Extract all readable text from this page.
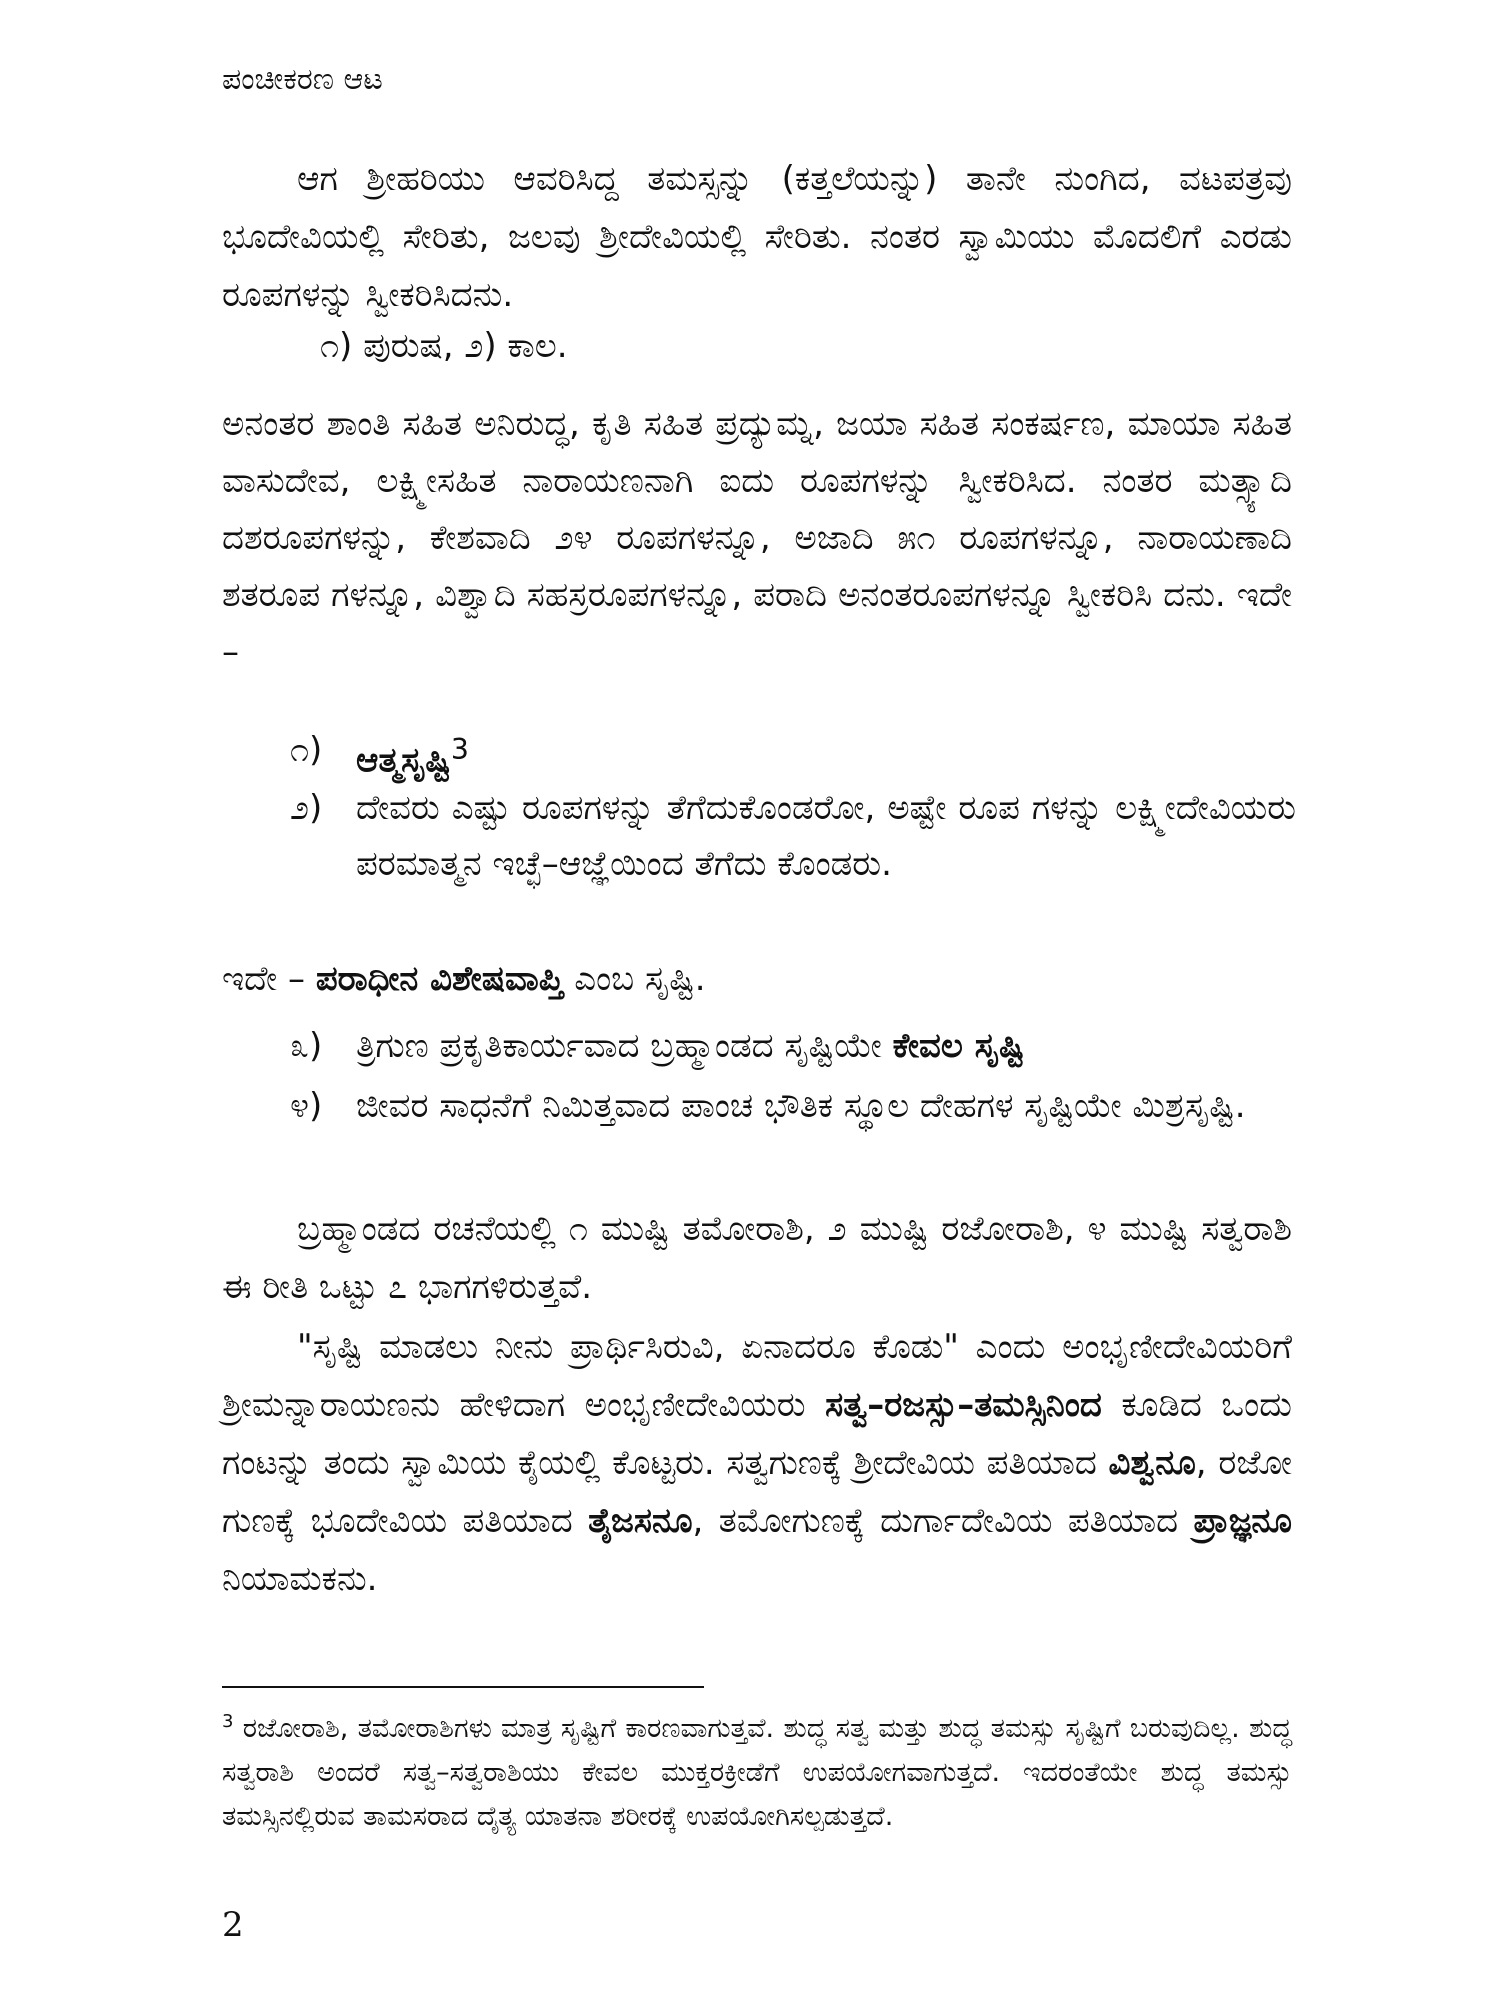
ಪಂಚೀಕರಣ ಆಟ
ಆಗ ಶ್ರೀಹರಿಯು ಆವರಿಸಿದ್ದ ತಮಸ್ಸನ್ನು (ಕತ್ತಲೆಯನ್ನು) ತಾನೇ ನುಂಗಿದ, ವಟಪತ್ರವು ಭೂದೇವಿಯಲ್ಲಿ ಸೇರಿತು, ಜಲವು ಶ್ರೀದೇವಿಯಲ್ಲಿ ಸೇರಿತು. ನಂತರ ಸ್ವಾಮಿಯು ಮೊದಲಿಗೆ ಎರಡು ರೂಪಗಳನ್ನು ಸ್ವೀಕರಿಸಿದನು.
೧) ಪುರುಷ, ೨) ಕಾಲ.
ಅನಂತರ ಶಾಂತಿ ಸಹಿತ ಅನಿರುದ್ಧ, ಕೃತಿ ಸಹಿತ ಪ್ರದ್ಯುಮ್ನ, ಜಯಾ ಸಹಿತ ಸಂಕರ್ಷಣ, ಮಾಯಾ ಸಹಿತ ವಾಸುದೇವ, ಲಕ್ಷ್ಮೀಸಹಿತ ನಾರಾಯಣನಾಗಿ ಐದು ರೂಪಗಳನ್ನು ಸ್ವೀಕರಿಸಿದ. ನಂತರ ಮತ್ಸ್ಯಾದಿ ದಶರೂಪಗಳನ್ನು, ಕೇಶವಾದಿ ೨೪ ರೂಪಗಳನ್ನೂ, ಅಜಾದಿ ೫೧ ರೂಪಗಳನ್ನೂ, ನಾರಾಯಣಾದಿ ಶತರೂಪ ಗಳನ್ನೂ, ವಿಶ್ವಾದಿ ಸಹಸ್ರರೂಪಗಳನ್ನೂ, ಪರಾದಿ ಅನಂತರೂಪಗಳನ್ನೂ ಸ್ವೀಕರಿಸಿ ದನು. ಇದೇ –
೧) ಆತ್ಮಸೃಷ್ಟಿ$^3$
೨) ದೇವರು ಎಷ್ಟು ರೂಪಗಳನ್ನು ತೆಗೆದುಕೊಂಡರೋ, ಅಷ್ಟೇ ರೂಪ ಗಳನ್ನು ಲಕ್ಷ್ಮೀದೇವಿಯರು ಪರಮಾತ್ಮನ ಇಚ್ಛೆ–ಆಜ್ಞೆಯಿಂದ ತೆಗೆದು ಕೊಂಡರು.
ಇದೇ – ಪರಾಧೀನ ವಿಶೇಷವಾಪ್ತಿ ಎಂಬ ಸೃಷ್ಟಿ.
೩) ತ್ರಿಗುಣ ಪ್ರಕೃತಿಕಾರ್ಯವಾದ ಬ್ರಹ್ಮಾಂಡದ ಸೃಷ್ಟಿಯೇ ಕೇವಲ ಸೃಷ್ಟಿ
೪) ಜೀವರ ಸಾಧನೆಗೆ ನಿಮಿತ್ತವಾದ ಪಾಂಚ ಭೌತಿಕ ಸ್ಥೂಲ ದೇಹಗಳ ಸೃಷ್ಟಿಯೇ ಮಿಶ್ರಸೃಷ್ಟಿ.
ಬ್ರಹ್ಮಾಂಡದ ರಚನೆಯಲ್ಲಿ ೧ ಮುಷ್ಟಿ ತಮೋರಾಶಿ, ೨ ಮುಷ್ಟಿ ರಜೋರಾಶಿ, ೪ ಮುಷ್ಟಿ ಸತ್ವರಾಶಿ ಈ ರೀತಿ ಒಟ್ಟು ೭ ಭಾಗಗಳಿರುತ್ತವೆ.
"ಸೃಷ್ಟಿ ಮಾಡಲು ನೀನು ಪ್ರಾರ್ಥಿಸಿರುವಿ, ಏನಾದರೂ ಕೊಡು" ಎಂದು ಅಂಭೃಣೀದೇವಿಯರಿಗೆ ಶ್ರೀಮನ್ನಾರಾಯಣನು ಹೇಳಿದಾಗ ಅಂಭೃಣೀದೇವಿಯರು ಸತ್ವ–ರಜಸ್ಸು–ತಮಸ್ಸಿನಿಂದ ಕೂಡಿದ ಒಂದು ಗಂಟನ್ನು ತಂದು ಸ್ವಾಮಿಯ ಕೈಯಲ್ಲಿ ಕೊಟ್ಟರು. ಸತ್ವಗುಣಕ್ಕೆ ಶ್ರೀದೇವಿಯ ಪತಿಯಾದ ವಿಶ್ವನೂ, ರಜೋ ಗುಣಕ್ಕೆ ಭೂದೇವಿಯ ಪತಿಯಾದ ತೈಜಸನೂ, ತಮೋಗುಣಕ್ಕೆ ದುರ್ಗಾದೇವಿಯ ಪತಿಯಾದ ಪ್ರಾಜ್ಞನೂ ನಿಯಾಮಕನು.
$^3$ ರಜೋರಾಶಿ, ತಮೋರಾಶಿಗಳು ಮಾತ್ರ ಸೃಷ್ಟಿಗೆ ಕಾರಣವಾಗುತ್ತವೆ. ಶುದ್ಧ ಸತ್ವ ಮತ್ತು ಶುದ್ಧ ತಮಸ್ಸು ಸೃಷ್ಟಿಗೆ ಬರುವುದಿಲ್ಲ. ಶುದ್ಧ ಸತ್ವರಾಶಿ ಅಂದರೆ ಸತ್ವ–ಸತ್ವರಾಶಿಯು ಕೇವಲ ಮುಕ್ತರಕ್ರೀಡೆಗೆ ಉಪಯೋಗವಾಗುತ್ತದೆ. ಇದರಂತೆಯೇ ಶುದ್ಧ ತಮಸ್ಸು ತಮಸ್ಸಿನಲ್ಲಿರುವ ತಾಮಸರಾದ ದೈತ್ಯ ಯಾತನಾ ಶರೀರಕ್ಕೆ ಉಪಯೋಗಿಸಲ್ಪಡುತ್ತದೆ.
2
